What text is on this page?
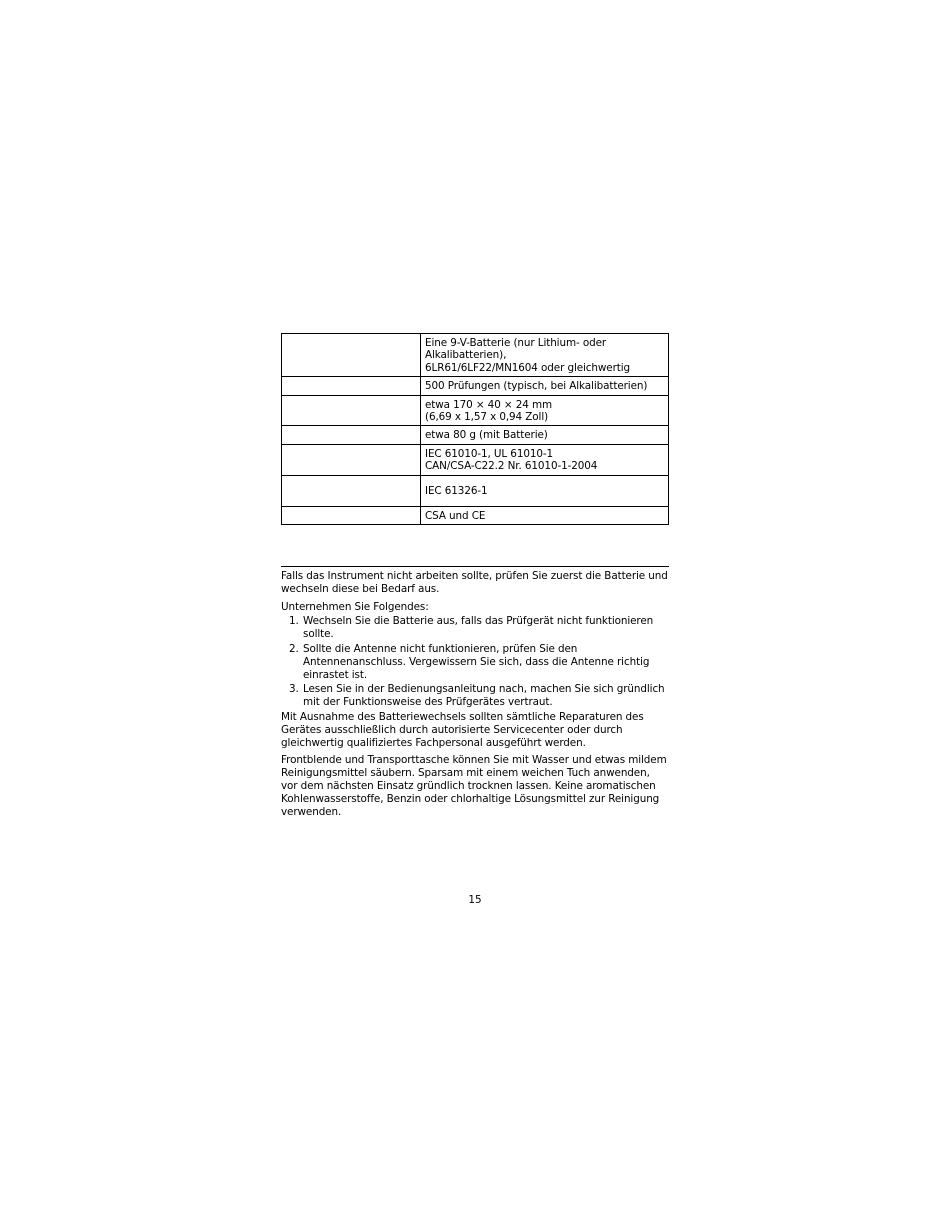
	Eine 9-V-Batterie (nur Lithium- oder
Alkalibatterien),
6LR61/6LF22/MN1604 oder gleichwertig

	500 Prüfungen (typisch, bei Alkalibatterien)

	etwa 170 × 40 × 24 mm
(6,69 x 1,57 x 0,94 Zoll)

	etwa 80 g (mit Batterie)

	IEC 61010-1, UL 61010-1
CAN/CSA-C22.2 Nr. 61010-1-2004

	IEC 61326-1

	CSA und CE

Falls das Instrument nicht arbeiten sollte, prüfen Sie zuerst die Batterie und wechseln diese bei Bedarf aus.

Unternehmen Sie Folgendes:

1. Wechseln Sie die Batterie aus, falls das Prüfgerät nicht funktionieren sollte.
2. Sollte die Antenne nicht funktionieren, prüfen Sie den Antennenanschluss. Vergewissern Sie sich, dass die Antenne richtig einrastet ist.
3. Lesen Sie in der Bedienungsanleitung nach, machen Sie sich gründlich mit der Funktionsweise des Prüfgerätes vertraut.

Mit Ausnahme des Batteriewechsels sollten sämtliche Reparaturen des Gerätes ausschließlich durch autorisierte Servicecenter oder durch gleichwertig qualifiziertes Fachpersonal ausgeführt werden.

Frontblende und Transporttasche können Sie mit Wasser und etwas mildem Reinigungsmittel säubern. Sparsam mit einem weichen Tuch anwenden, vor dem nächsten Einsatz gründlich trocknen lassen. Keine aromatischen Kohlenwasserstoffe, Benzin oder chlorhaltige Lösungsmittel zur Reinigung verwenden.

15
